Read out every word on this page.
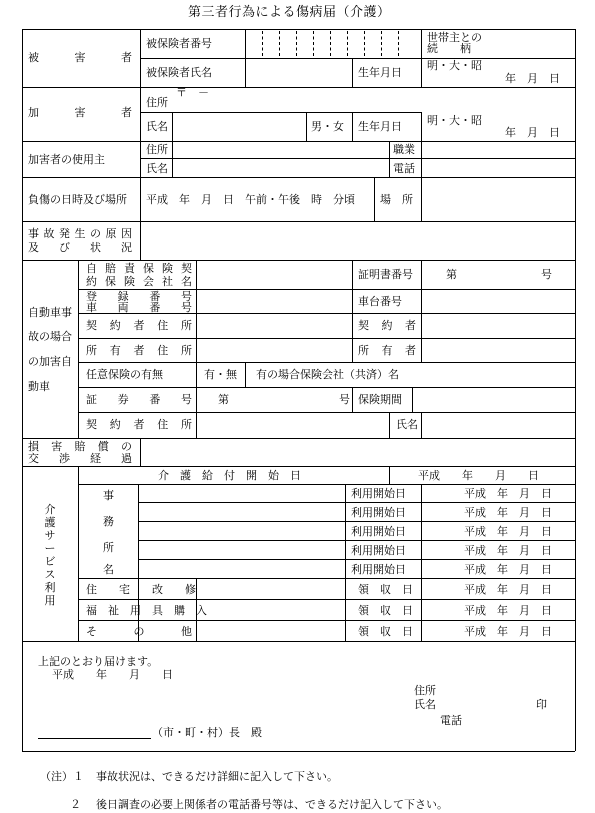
第三者行為による傷病届（介護）
被　　害　　者
被保険者番号	世帯主との
続　　柄
被保険者氏名	生年月日
明・大・昭
年　月　日
加　　害　　者
〒　－
住所
氏名	男・女 生年月日 明・大・昭
年　月　日
加害者の使用主
住所	職業
氏名	電話
負傷の日時及び場所 平成　年　月　日　午前・午後　時　分頃 場　所
事故発生の原因
及　び　状　況
自動車事
故の場合
の加害自
動車
自賠責保険契
約保険会社名
証明書番号	第	号
登　録　番　号
車　両　番　号	車台番号
契約者住所	契約者
所有者住所	所有者
任意保険の有無	有・無 有の場合保険会社（共済）名
証　券　番　号 第	号 保険期間
契約者住所	氏名
損　害　賠　償　の
交　渉　経　過
介護サービス利用
介　護　給　付　開　始　日	平成　　年　　月　　日
事
務
所
名
利用開始日	平成　年　月　日
利用開始日	平成　年　月　日
利用開始日	平成　年　月　日
利用開始日	平成　年　月　日
利用開始日	平成　年　月　日
住　　宅　　改　　修	領　収　日	平成　年　月　日
福　祉　用　具　購　入	領　収　日	平成　年　月　日
そ　　　の　　　他	領　収　日	平成　年　月　日
上記のとおり届けます。
平成　　年　　月　　日
住所
氏名	印
電話
（市・町・村）長　殿
（注）１ 事故状況は、できるだけ詳細に記入して下さい。
２ 後日調査の必要上関係者の電話番号等は、できるだけ記入して下さい。
